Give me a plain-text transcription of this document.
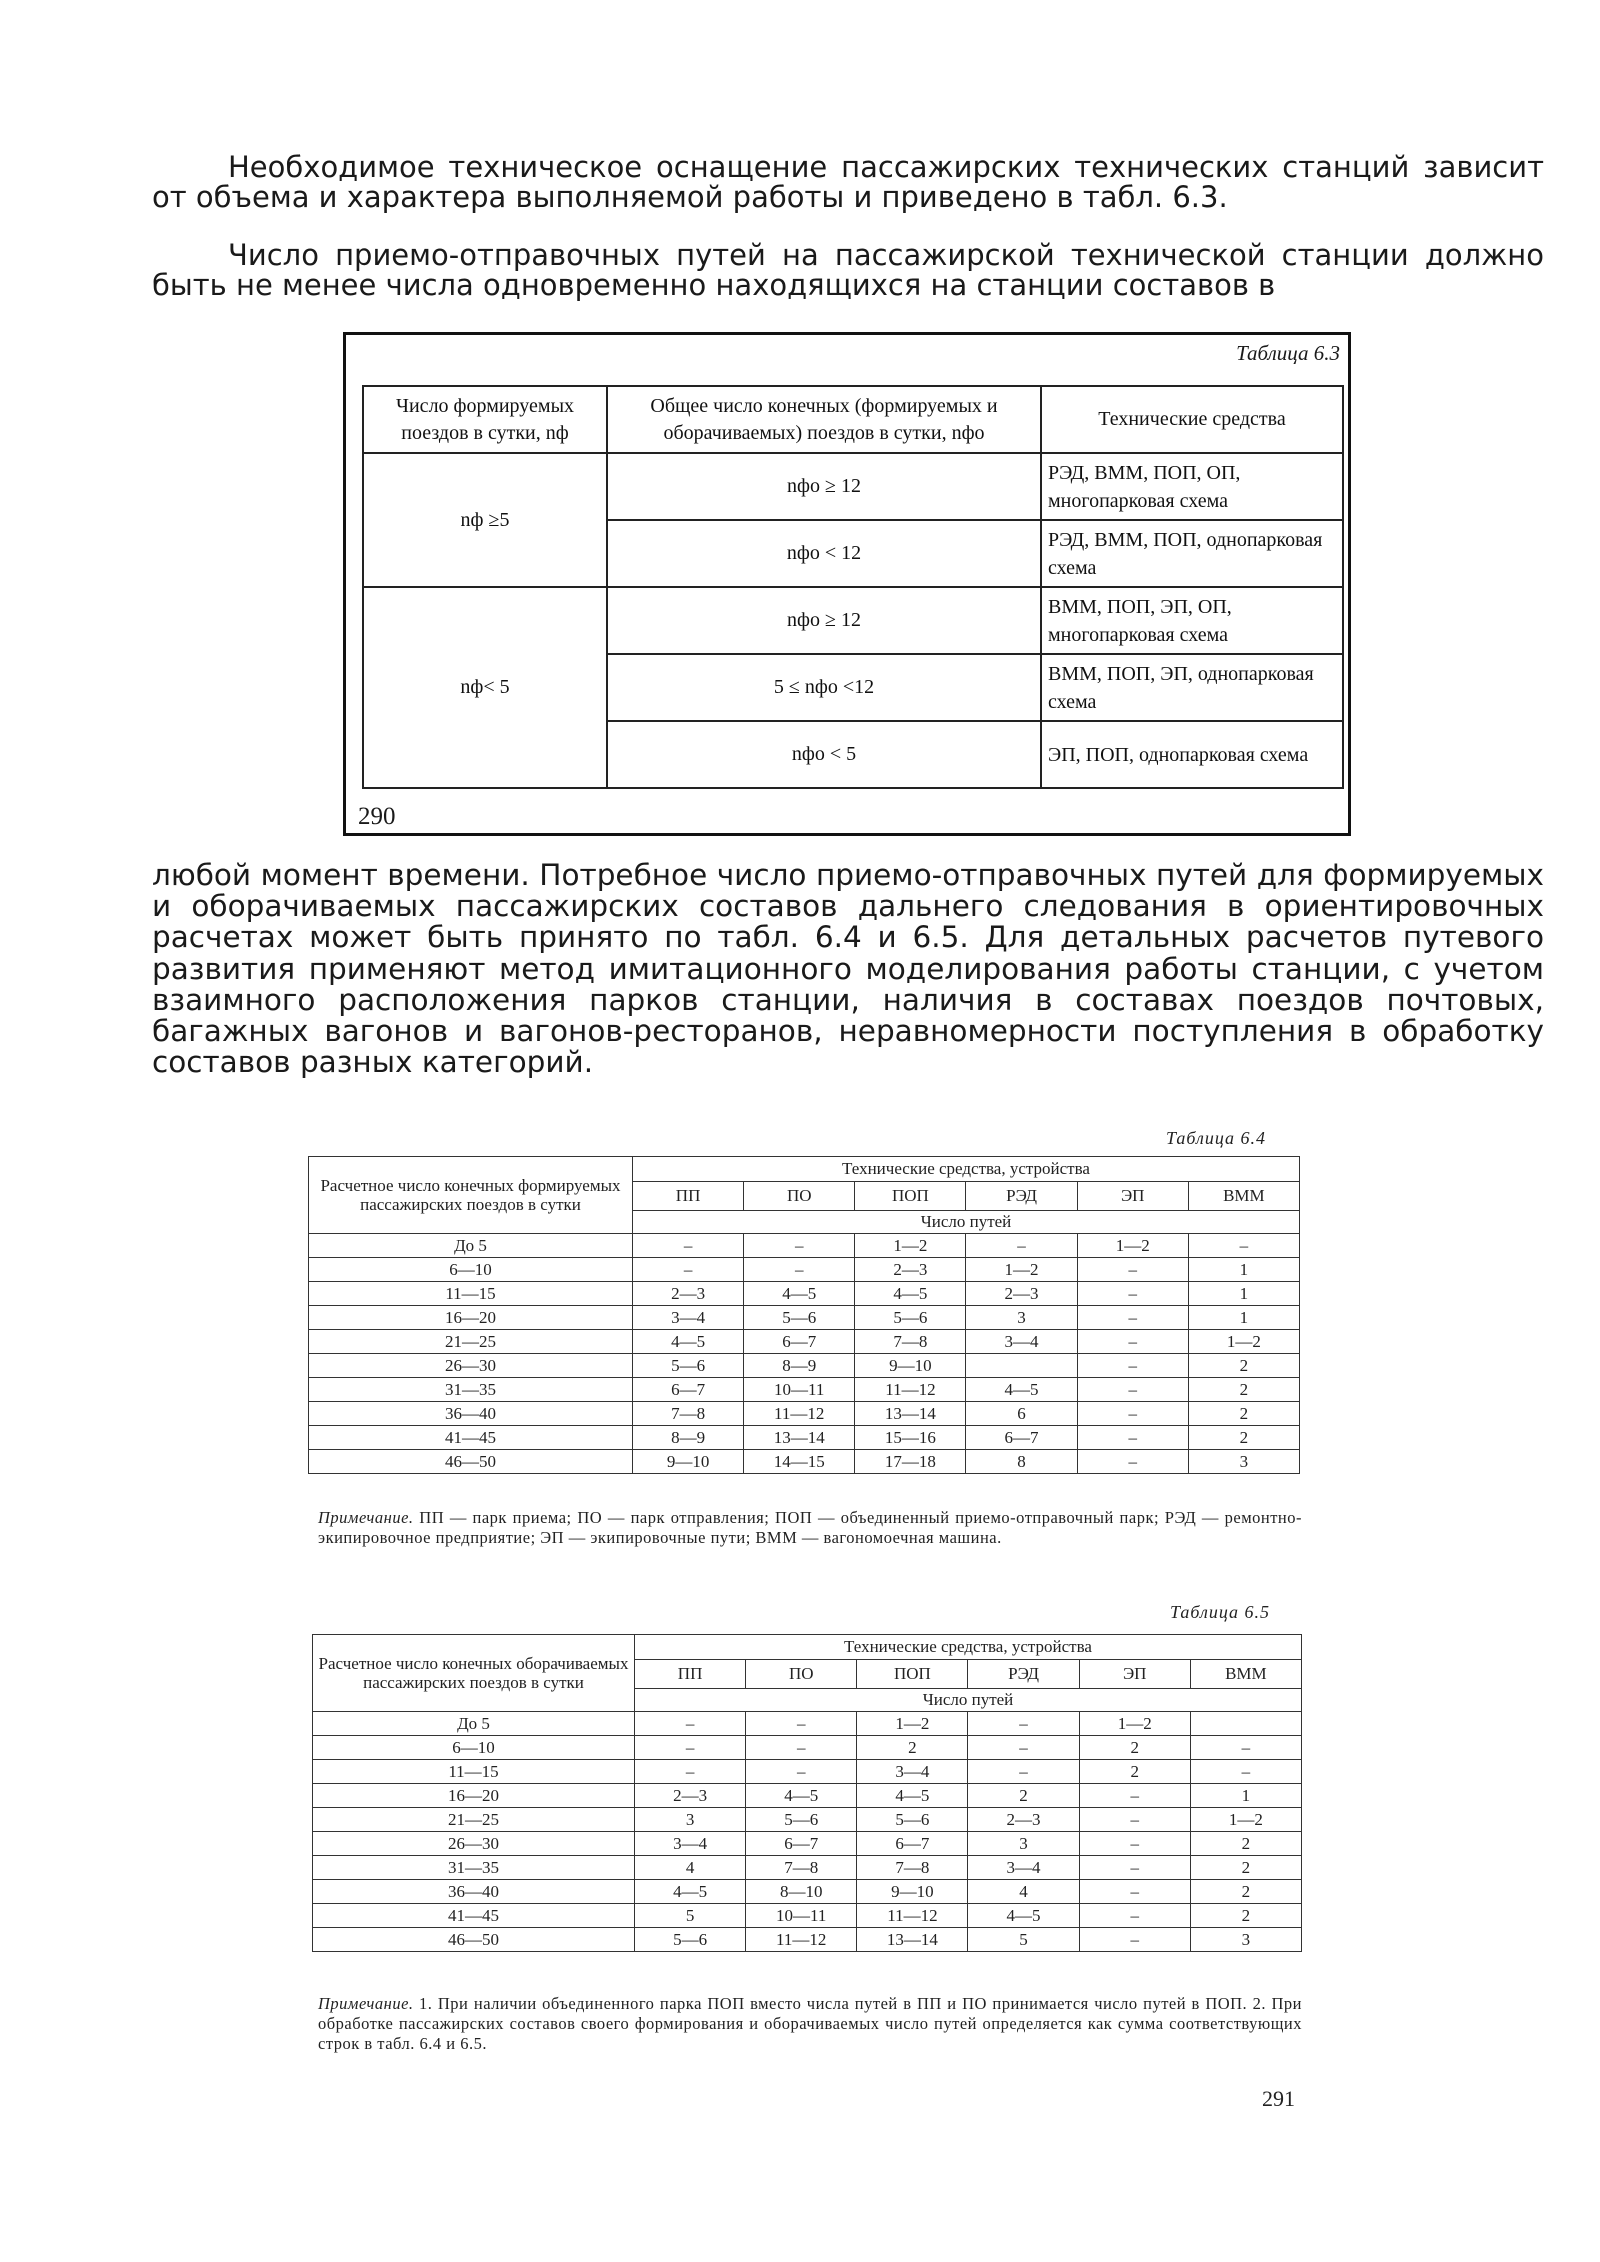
Необходимое техническое оснащение пассажирских технических станций зависит от объема и характера выполняемой работы и приведено в табл. 6.3.

Число приемо-отправочных путей на пассажирской технической станции должно быть не менее числа одновременно находящихся на станции составов в

Таблица 6.3
Число формируемых поездов в сутки, nф	Общее число конечных (формируемых и оборачиваемых) поездов в сутки, nфо	Технические средства
nф ≥5	nфо ≥ 12	РЭД, ВММ, ПОП, ОП, многопарковая схема
	nфо < 12	РЭД, ВММ, ПОП, однопарковая схема
nф< 5	nфо ≥ 12	ВММ, ПОП, ЭП, ОП, многопарковая схема
	5 ≤ nфо <12	ВММ, ПОП, ЭП, однопарковая схема
	nфо < 5	ЭП, ПОП, однопарковая схема
290

любой момент времени. Потребное число приемо-отправочных путей для формируемых и оборачиваемых пассажирских составов дальнего следования в ориентировочных расчетах может быть принято по табл. 6.4 и 6.5. Для детальных расчетов путевого развития применяют метод имитационного моделирования работы станции, с учетом взаимного расположения парков станции, наличия в составах поездов почтовых, багажных вагонов и вагонов-ресторанов, неравномерности поступления в обработку составов разных категорий.

Таблица 6.4
Расчетное число конечных формируемых пассажирских поездов в сутки	Технические средства, устройства					
	ПП	ПО	ПОП	РЭД	ЭП	ВММ
	Число путей					
До 5	–	–	1—2	–	1—2	–
6—10	–	–	2—3	1—2	–	1
11—15	2—3	4—5	4—5	2—3	–	1
16—20	3—4	5—6	5—6	3	–	1
21—25	4—5	6—7	7—8	3—4	–	1—2
26—30	5—6	8—9	9—10		–	2
31—35	6—7	10—11	11—12	4—5	–	2
36—40	7—8	11—12	13—14	6	–	2
41—45	8—9	13—14	15—16	6—7	–	2
46—50	9—10	14—15	17—18	8	–	3

Примечание. ПП — парк приема; ПО — парк отправления; ПОП — объединенный приемо-отправочный парк; РЭД — ремонтно-экипировочное предприятие; ЭП — экипировочные пути; ВММ — вагономоечная машина.

Таблица 6.5
Расчетное число конечных оборачиваемых пассажирских поездов в сутки	Технические средства, устройства					
	ПП	ПО	ПОП	РЭД	ЭП	ВММ
	Число путей					
До 5	–	–	1—2	–	1—2	
6—10	–	–	2	–	2	–
11—15	–	–	3—4	–	2	–
16—20	2—3	4—5	4—5	2	–	1
21—25	3	5—6	5—6	2—3	–	1—2
26—30	3—4	6—7	6—7	3	–	2
31—35	4	7—8	7—8	3—4	–	2
36—40	4—5	8—10	9—10	4	–	2
41—45	5	10—11	11—12	4—5	–	2
46—50	5—6	11—12	13—14	5	–	3

Примечание. 1. При наличии объединенного парка ПОП вместо числа путей в ПП и ПО принимается число путей в ПОП. 2. При обработке пассажирских составов своего формирования и оборачиваемых число путей определяется как сумма соответствующих строк в табл. 6.4 и 6.5.

291
